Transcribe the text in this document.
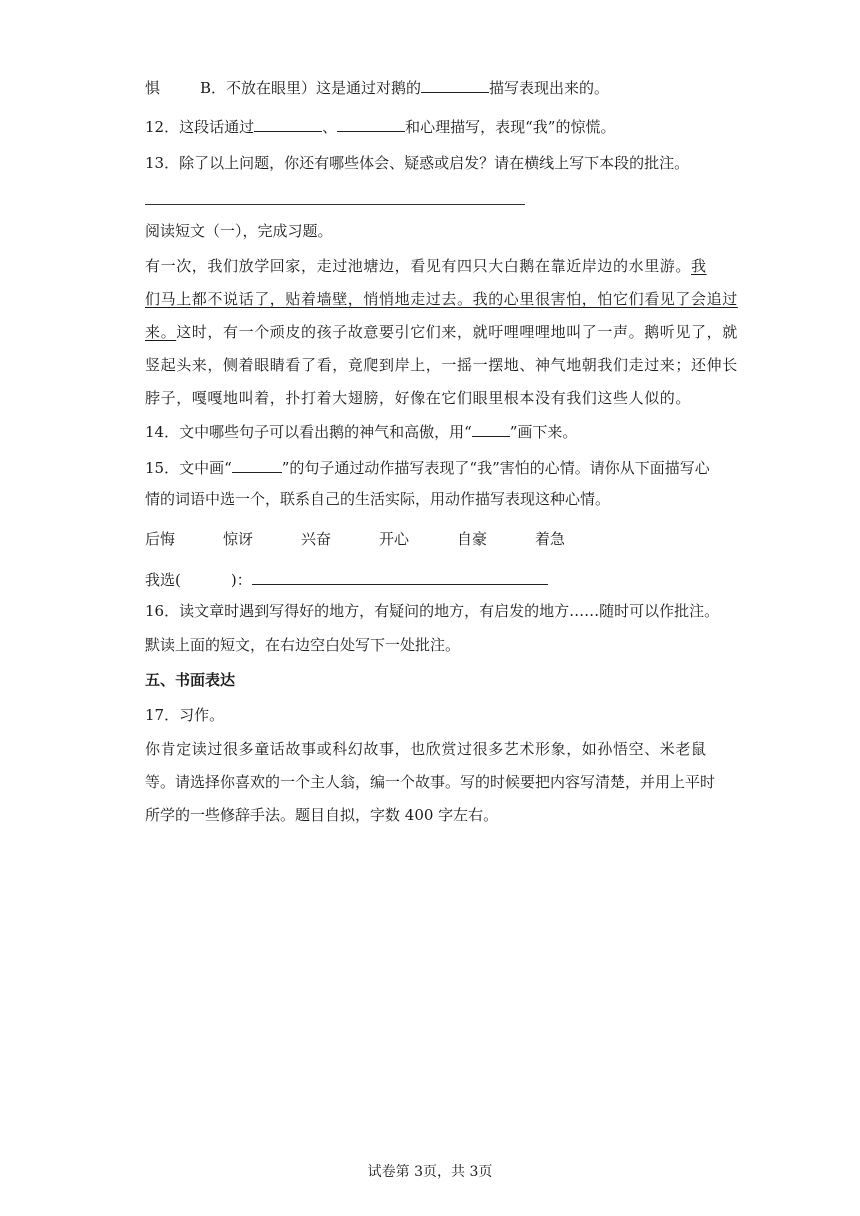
惧	B．不放在眼里）这是通过对鹅的	描写表现出来的。
12．这段话通过	、	和心理描写，表现“我”的惊慌。
13．除了以上问题，你还有哪些体会、疑惑或启发？请在横线上写下本段的批注。
阅读短文（一），完成习题。
有一次，我们放学回家，走过池塘边，看见有四只大白鹅在靠近岸边的水里游。我
们马上都不说话了，贴着墙壁，悄悄地走过去。我的心里很害怕，怕它们看见了会追过
来。这时，有一个顽皮的孩子故意要引它们来，就吁哩哩哩地叫了一声。鹅听见了，就
竖起头来，侧着眼睛看了看，竟爬到岸上，一摇一摆地、神气地朝我们走过来；还伸长
脖子，嘎嘎地叫着，扑打着大翅膀，好像在它们眼里根本没有我们这些人似的。
14．文中哪些句子可以看出鹅的神气和高傲，用“	”画下来。
15．文中画“	”的句子通过动作描写表现了“我”害怕的心情。请你从下面描写心
情的词语中选一个，联系自己的生活实际，用动作描写表现这种心情。
后悔	惊讶	兴奋	开心	自豪	着急
我选(	)：
16．读文章时遇到写得好的地方，有疑问的地方，有启发的地方……随时可以作批注。
默读上面的短文，在右边空白处写下一处批注。
五、书面表达
17．习作。
你肯定读过很多童话故事或科幻故事，也欣赏过很多艺术形象，如孙悟空、米老鼠
等。请选择你喜欢的一个主人翁，编一个故事。写的时候要把内容写清楚，并用上平时
所学的一些修辞手法。题目自拟，字数 400 字左右。
试卷第 3页，共 3页
